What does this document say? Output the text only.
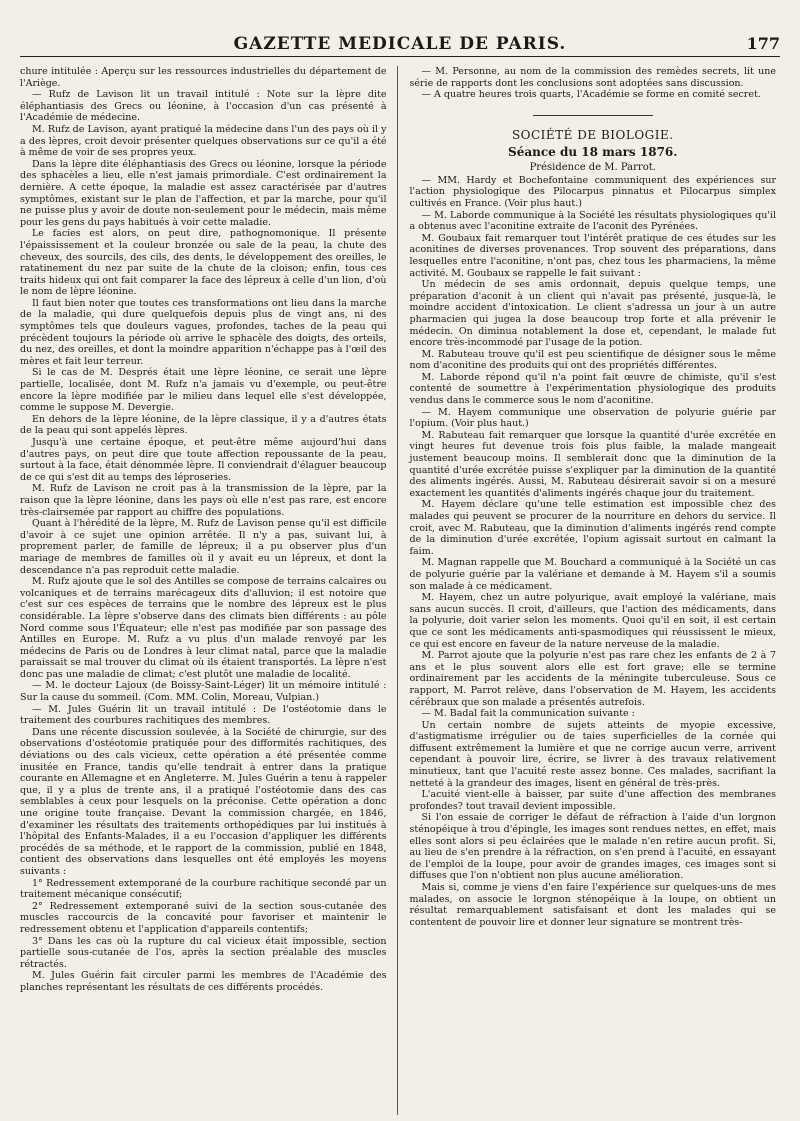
GAZETTE MEDICALE DE PARIS.	177

chure intitulée : Aperçu sur les ressources industrielles du département de l'Ariège.

— Rufz de Lavison lit un travail intitulé : Note sur la lèpre dite éléphantiasis des Grecs ou léonine, à l'occasion d'un cas présenté à l'Académie de médecine.

M. Rufz de Lavison, ayant pratiqué la médecine dans l'un des pays où il y a des lèpres, croit devoir présenter quelques observations sur ce qu'il a été à même de voir de ses propres yeux.

Dans la lèpre dite éléphantiasis des Grecs ou léonine, lorsque la période des sphacèles a lieu, elle n'est jamais primordiale. C'est ordinairement la dernière. A cette époque, la maladie est assez caractérisée par d'autres symptômes, existant sur le plan de l'affection, et par la marche, pour qu'il ne puisse plus y avoir de doute non-seulement pour le médecin, mais même pour les gens du pays habitués à voir cette maladie.

Le facies est alors, on peut dire, pathognomonique. Il présente l'épaississement et la couleur bronzée ou sale de la peau, la chute des cheveux, des sourcils, des cils, des dents, le développement des oreilles, le ratatinement du nez par suite de la chute de la cloison; enfin, tous ces traits hideux qui ont fait comparer la face des lépreux à celle d'un lion, d'où le nom de lèpre léonine.

Il faut bien noter que toutes ces transformations ont lieu dans la marche de la maladie, qui dure quelquefois depuis plus de vingt ans, ni des symptômes tels que douleurs vagues, profondes, taches de la peau qui précèdent toujours la période où arrive le sphacèle des doigts, des orteils, du nez, des oreilles, et dont la moindre apparition n'échappe pas à l'œil des mères et fait leur terreur.

Si le cas de M. Després était une lèpre léonine, ce serait une lèpre partielle, localisée, dont M. Rufz n'a jamais vu d'exemple, ou peut-être encore la lèpre modifiée par le milieu dans lequel elle s'est développée, comme le suppose M. Devergie.

En dehors de la lèpre léonine, de la lèpre classique, il y a d'autres états de la peau qui sont appelés lèpres.

Jusqu'à une certaine époque, et peut-être même aujourd'hui dans d'autres pays, on peut dire que toute affection repoussante de la peau, surtout à la face, était dénommée lèpre. Il conviendrait d'élaguer beaucoup de ce qui s'est dit au temps des léproseries.

M. Rufz de Lavison ne croit pas à la transmission de la lèpre, par la raison que la lèpre léonine, dans les pays où elle n'est pas rare, est encore très-clairsemée par rapport au chiffre des populations.

Quant à l'hérédité de la lèpre, M. Rufz de Lavison pense qu'il est difficile d'avoir à ce sujet une opinion arrêtée. Il n'y a pas, suivant lui, à proprement parler, de famille de lépreux; il a pu observer plus d'un mariage de membres de familles où il y avait eu un lépreux, et dont la descendance n'a pas reproduit cette maladie.

M. Rufz ajoute que le sol des Antilles se compose de terrains calcaires ou volcaniques et de terrains marécageux dits d'alluvion; il est notoire que c'est sur ces espèces de terrains que le nombre des lépreux est le plus considérable. La lèpre s'observe dans des climats bien différents : au pôle Nord comme sous l'Équateur; elle n'est pas modifiée par son passage des Antilles en Europe. M. Rufz a vu plus d'un malade renvoyé par les médecins de Paris ou de Londres à leur climat natal, parce que la maladie paraissait se mal trouver du climat où ils étaient transportés. La lèpre n'est donc pas une maladie de climat; c'est plutôt une maladie de localité.

— M. le docteur Lajoux (de Boissy-Saint-Léger) lit un mémoire intitulé : Sur la cause du sommeil. (Com. MM. Colin, Moreau, Vulpian.)

— M. Jules Guérin lit un travail intitulé : De l'ostéotomie dans le traitement des courbures rachitiques des membres.

Dans une récente discussion soulevée, à la Société de chirurgie, sur des observations d'ostéotomie pratiquée pour des difformités rachitiques, des déviations ou des cals vicieux, cette opération a été présentée comme inusitée en France, tandis qu'elle tendrait à entrer dans la pratique courante en Allemagne et en Angleterre. M. Jules Guérin a tenu à rappeler que, il y a plus de trente ans, il a pratiqué l'ostéotomie dans des cas semblables à ceux pour lesquels on la préconise. Cette opération a donc une origine toute française. Devant la commission chargée, en 1846, d'examiner les résultats des traitements orthopédiques par lui institués à l'hôpital des Enfants-Malades, il a eu l'occasion d'appliquer les différents procédés de sa méthode, et le rapport de la commission, publié en 1848, contient des observations dans lesquelles ont été employés les moyens suivants :

1° Redressement extemporané de la courbure rachitique secondé par un traitement mécanique consécutif;

2° Redressement extemporané suivi de la section sous-cutanée des muscles raccourcis de la concavité pour favoriser et maintenir le redressement obtenu et l'application d'appareils contentifs;

3° Dans les cas où la rupture du cal vicieux était impossible, section partielle sous-cutanée de l'os, après la section préalable des muscles rétractés.

M. Jules Guérin fait circuler parmi les membres de l'Académie des planches représentant les résultats de ces différents procédés.

— M. Personne, au nom de la commission des remèdes secrets, lit une série de rapports dont les conclusions sont adoptées sans discussion.

— A quatre heures trois quarts, l'Académie se forme en comité secret.

SOCIÉTÉ DE BIOLOGIE.
Séance du 18 mars 1876.
Présidence de M. Parrot.

— MM. Hardy et Bochefontaine communiquent des expériences sur l'action physiologique des Pilocarpus pinnatus et Pilocarpus simplex cultivés en France. (Voir plus haut.)

— M. Laborde communique à la Société les résultats physiologiques qu'il a obtenus avec l'aconitine extraite de l'aconit des Pyrénées.

M. Goubaux fait remarquer tout l'intérêt pratique de ces études sur les aconitines de diverses provenances. Trop souvent des préparations, dans lesquelles entre l'aconitine, n'ont pas, chez tous les pharmaciens, la même activité. M. Goubaux se rappelle le fait suivant :

Un médecin de ses amis ordonnait, depuis quelque temps, une préparation d'aconit à un client qui n'avait pas présenté, jusque-là, le moindre accident d'intoxication. Le client s'adressa un jour à un autre pharmacien qui jugea la dose beaucoup trop forte et alla prévenir le médecin. On diminua notablement la dose et, cependant, le malade fut encore très-incommodé par l'usage de la potion.

M. Rabuteau trouve qu'il est peu scientifique de désigner sous le même nom d'aconitine des produits qui ont des propriétés différentes.

M. Laborde répond qu'il n'a point fait œuvre de chimiste, qu'il s'est contenté de soumettre à l'expérimentation physiologique des produits vendus dans le commerce sous le nom d'aconitine.

— M. Hayem communique une observation de polyurie guérie par l'opium. (Voir plus haut.)

M. Rabuteau fait remarquer que lorsque la quantité d'urée excrétée en vingt heures fut devenue trois fois plus faible, la malade mangeait justement beaucoup moins. Il semblerait donc que la diminution de la quantité d'urée excrétée puisse s'expliquer par la diminution de la quantité des aliments ingérés. Aussi, M. Rabuteau désirerait savoir si on a mesuré exactement les quantités d'aliments ingérés chaque jour du traitement.

M. Hayem déclare qu'une telle estimation est impossible chez des malades qui peuvent se procurer de la nourriture en dehors du service. Il croit, avec M. Rabuteau, que la diminution d'aliments ingérés rend compte de la diminution d'urée excrétée, l'opium agissait surtout en calmant la faim.

M. Magnan rappelle que M. Bouchard a communiqué à la Société un cas de polyurie guérie par la valériane et demande à M. Hayem s'il a soumis son malade à ce médicament.

M. Hayem, chez un autre polyurique, avait employé la valériane, mais sans aucun succès. Il croit, d'ailleurs, que l'action des médicaments, dans la polyurie, doit varier selon les moments. Quoi qu'il en soit, il est certain que ce sont les médicaments anti-spasmodiques qui réussissent le mieux, ce qui est encore en faveur de la nature nerveuse de la maladie.

M. Parrot ajoute que la polyurie n'est pas rare chez les enfants de 2 à 7 ans et le plus souvent alors elle est fort grave; elle se termine ordinairement par les accidents de la méningite tuberculeuse. Sous ce rapport, M. Parrot relève, dans l'observation de M. Hayem, les accidents cérébraux que son malade a présentés autrefois.

— M. Badal fait la communication suivante :

Un certain nombre de sujets atteints de myopie excessive, d'astigmatisme irrégulier ou de taies superficielles de la cornée qui diffusent extrêmement la lumière et que ne corrige aucun verre, arrivent cependant à pouvoir lire, écrire, se livrer à des travaux relativement minutieux, tant que l'acuité reste assez bonne. Ces malades, sacrifiant la netteté à la grandeur des images, lisent en général de très-près.

L'acuité vient-elle à baisser, par suite d'une affection des membranes profondes? tout travail devient impossible.

Si l'on essaie de corriger le défaut de réfraction à l'aide d'un lorgnon sténopéique à trou d'épingle, les images sont rendues nettes, en effet, mais elles sont alors si peu éclairées que le malade n'en retire aucun profit. Si, au lieu de s'en prendre à la réfraction, on s'en prend à l'acuité, en essayant de l'emploi de la loupe, pour avoir de grandes images, ces images sont si diffuses que l'on n'obtient non plus aucune amélioration.

Mais si, comme je viens d'en faire l'expérience sur quelques-uns de mes malades, on associe le lorgnon sténopéique à la loupe, on obtient un résultat remarquablement satisfaisant et dont les malades qui se contentent de pouvoir lire et donner leur signature se montrent très-
